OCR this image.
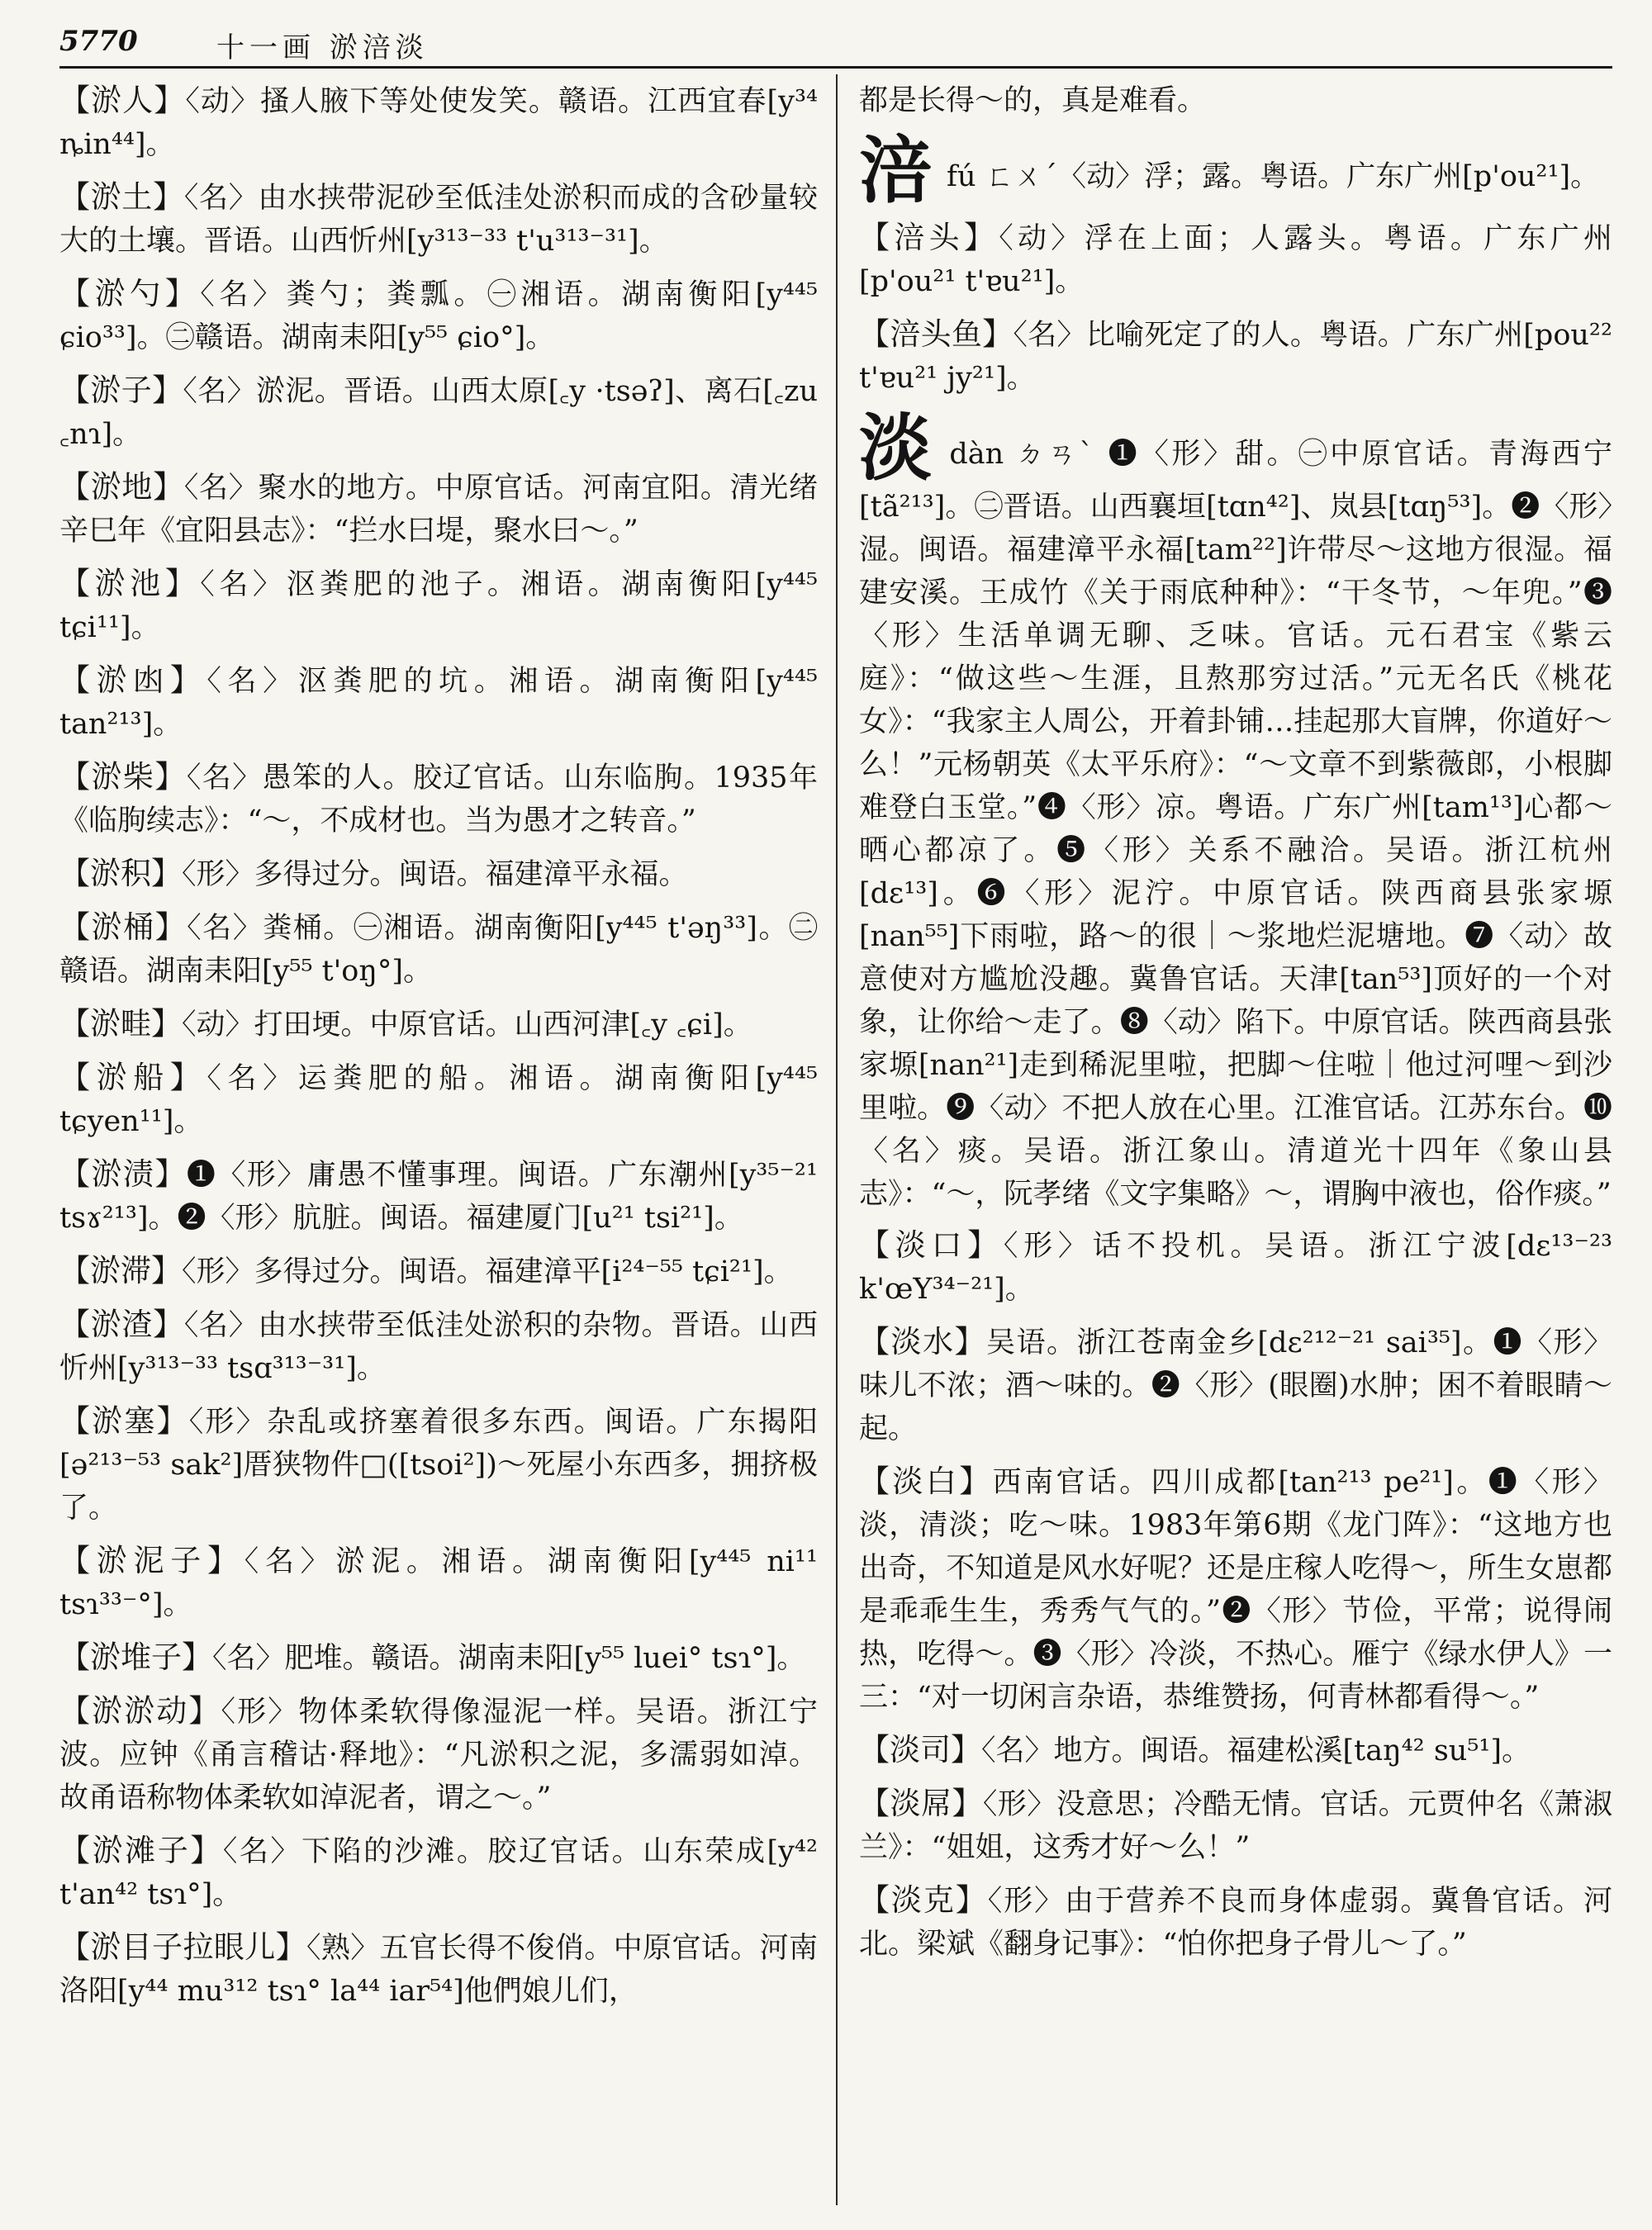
5770	十一画 淤涪淡

【淤人】〈动〉搔人腋下等处使发笑。赣语。江西宜春[y³⁴ ȵin⁴⁴]。

【淤土】〈名〉由水挟带泥砂至低洼处淤积而成的含砂量较大的土壤。晋语。山西忻州[y³¹³⁻³³ t'u³¹³⁻³¹]。

【淤勺】〈名〉粪勺；粪瓢。㊀湘语。湖南衡阳[y⁴⁴⁵ ɕio³³]。㊁赣语。湖南耒阳[y⁵⁵ ɕio°]。

【淤子】〈名〉淤泥。晋语。山西太原[꜀y ·tsəʔ]、离石[꜀zu ꜀nɿ]。

【淤地】〈名〉聚水的地方。中原官话。河南宜阳。清光绪辛巳年《宜阳县志》：“拦水曰堤，聚水曰～。”

【淤池】〈名〉沤粪肥的池子。湘语。湖南衡阳[y⁴⁴⁵ tɕi¹¹]。

【淤凼】〈名〉沤粪肥的坑。湘语。湖南衡阳[y⁴⁴⁵ tan²¹³]。

【淤柴】〈名〉愚笨的人。胶辽官话。山东临朐。1935年《临朐续志》：“～，不成材也。当为愚才之转音。”

【淤积】〈形〉多得过分。闽语。福建漳平永福。

【淤桶】〈名〉粪桶。㊀湘语。湖南衡阳[y⁴⁴⁵ t'əŋ³³]。㊁赣语。湖南耒阳[y⁵⁵ t'oŋ°]。

【淤畦】〈动〉打田埂。中原官话。山西河津[꜀y ꜀ɕi]。

【淤船】〈名〉运粪肥的船。湘语。湖南衡阳[y⁴⁴⁵ tɕyen¹¹]。

【淤渍】❶〈形〉庸愚不懂事理。闽语。广东潮州[y³⁵⁻²¹ tsɤ²¹³]。❷〈形〉肮脏。闽语。福建厦门[u²¹ tsi²¹]。

【淤滞】〈形〉多得过分。闽语。福建漳平[i²⁴⁻⁵⁵ tɕi²¹]。

【淤渣】〈名〉由水挟带至低洼处淤积的杂物。晋语。山西忻州[y³¹³⁻³³ tsɑ³¹³⁻³¹]。

【淤塞】〈形〉杂乱或挤塞着很多东西。闽语。广东揭阳[ə²¹³⁻⁵³ sak²]厝狭物件□([tsoi²])～死屋小东西多，拥挤极了。

【淤泥子】〈名〉淤泥。湘语。湖南衡阳[y⁴⁴⁵ ni¹¹ tsɿ³³⁻°]。

【淤堆子】〈名〉肥堆。赣语。湖南耒阳[y⁵⁵ luei° tsɿ°]。

【淤淤动】〈形〉物体柔软得像湿泥一样。吴语。浙江宁波。应钟《甬言稽诂·释地》：“凡淤积之泥，多濡弱如淖。故甬语称物体柔软如淖泥者，谓之～。”

【淤滩子】〈名〉下陷的沙滩。胶辽官话。山东荣成[y⁴² t'an⁴² tsɿ°]。

【淤目子拉眼儿】〈熟〉五官长得不俊俏。中原官话。河南洛阳[y⁴⁴ mu³¹² tsɿ° la⁴⁴ iar⁵⁴]他們娘儿们，

都是长得～的，真是难看。

涪fú ㄈㄨˊ〈动〉浮；露。粤语。广东广州[p'ou²¹]。

【涪头】〈动〉浮在上面；人露头。粤语。广东广州[p'ou²¹ t'ɐu²¹]。

【涪头鱼】〈名〉比喻死定了的人。粤语。广东广州[pou²² t'ɐu²¹ jy²¹]。

淡dàn ㄉㄢˋ ❶〈形〉甜。㊀中原官话。青海西宁[tã²¹³]。㊁晋语。山西襄垣[tɑn⁴²]、岚县[tɑŋ⁵³]。❷〈形〉湿。闽语。福建漳平永福[tam²²]许带尽～这地方很湿。福建安溪。王成竹《关于雨底种种》：“干冬节，～年兜。”❸〈形〉生活单调无聊、乏味。官话。元石君宝《紫云庭》：“做这些～生涯，且熬那穷过活。”元无名氏《桃花女》：“我家主人周公，开着卦铺…挂起那大盲牌，你道好～么！”元杨朝英《太平乐府》：“～文章不到紫薇郎，小根脚难登白玉堂。”❹〈形〉凉。粤语。广东广州[tam¹³]心都～晒心都凉了。❺〈形〉关系不融洽。吴语。浙江杭州[dɛ¹³]。❻〈形〉泥泞。中原官话。陕西商县张家塬[nan⁵⁵]下雨啦，路～的很｜～浆地烂泥塘地。❼〈动〉故意使对方尴尬没趣。冀鲁官话。天津[tan⁵³]顶好的一个对象，让你给～走了。❽〈动〉陷下。中原官话。陕西商县张家塬[nan²¹]走到稀泥里啦，把脚～住啦｜他过河哩～到沙里啦。❾〈动〉不把人放在心里。江淮官话。江苏东台。❿〈名〉痰。吴语。浙江象山。清道光十四年《象山县志》：“～，阮孝绪《文字集略》～，谓胸中液也，俗作痰。”

【淡口】〈形〉话不投机。吴语。浙江宁波[dɛ¹³⁻²³ k'œY³⁴⁻²¹]。

【淡水】吴语。浙江苍南金乡[dɛ²¹²⁻²¹ sai³⁵]。❶〈形〉味儿不浓；酒～味的。❷〈形〉(眼圈)水肿；困不着眼睛～起。

【淡白】西南官话。四川成都[tan²¹³ pe²¹]。❶〈形〉淡，清淡；吃～味。1983年第6期《龙门阵》：“这地方也出奇，不知道是风水好呢？还是庄稼人吃得～，所生女崽都是乖乖生生，秀秀气气的。”❷〈形〉节俭，平常；说得闹热，吃得～。❸〈形〉冷淡，不热心。雁宁《绿水伊人》一三：“对一切闲言杂语，恭维赞扬，何青林都看得～。”

【淡司】〈名〉地方。闽语。福建松溪[taŋ⁴² su⁵¹]。

【淡屌】〈形〉没意思；冷酷无情。官话。元贾仲名《萧淑兰》：“姐姐，这秀才好～么！”

【淡克】〈形〉由于营养不良而身体虚弱。冀鲁官话。河北。梁斌《翻身记事》：“怕你把身子骨儿～了。”
